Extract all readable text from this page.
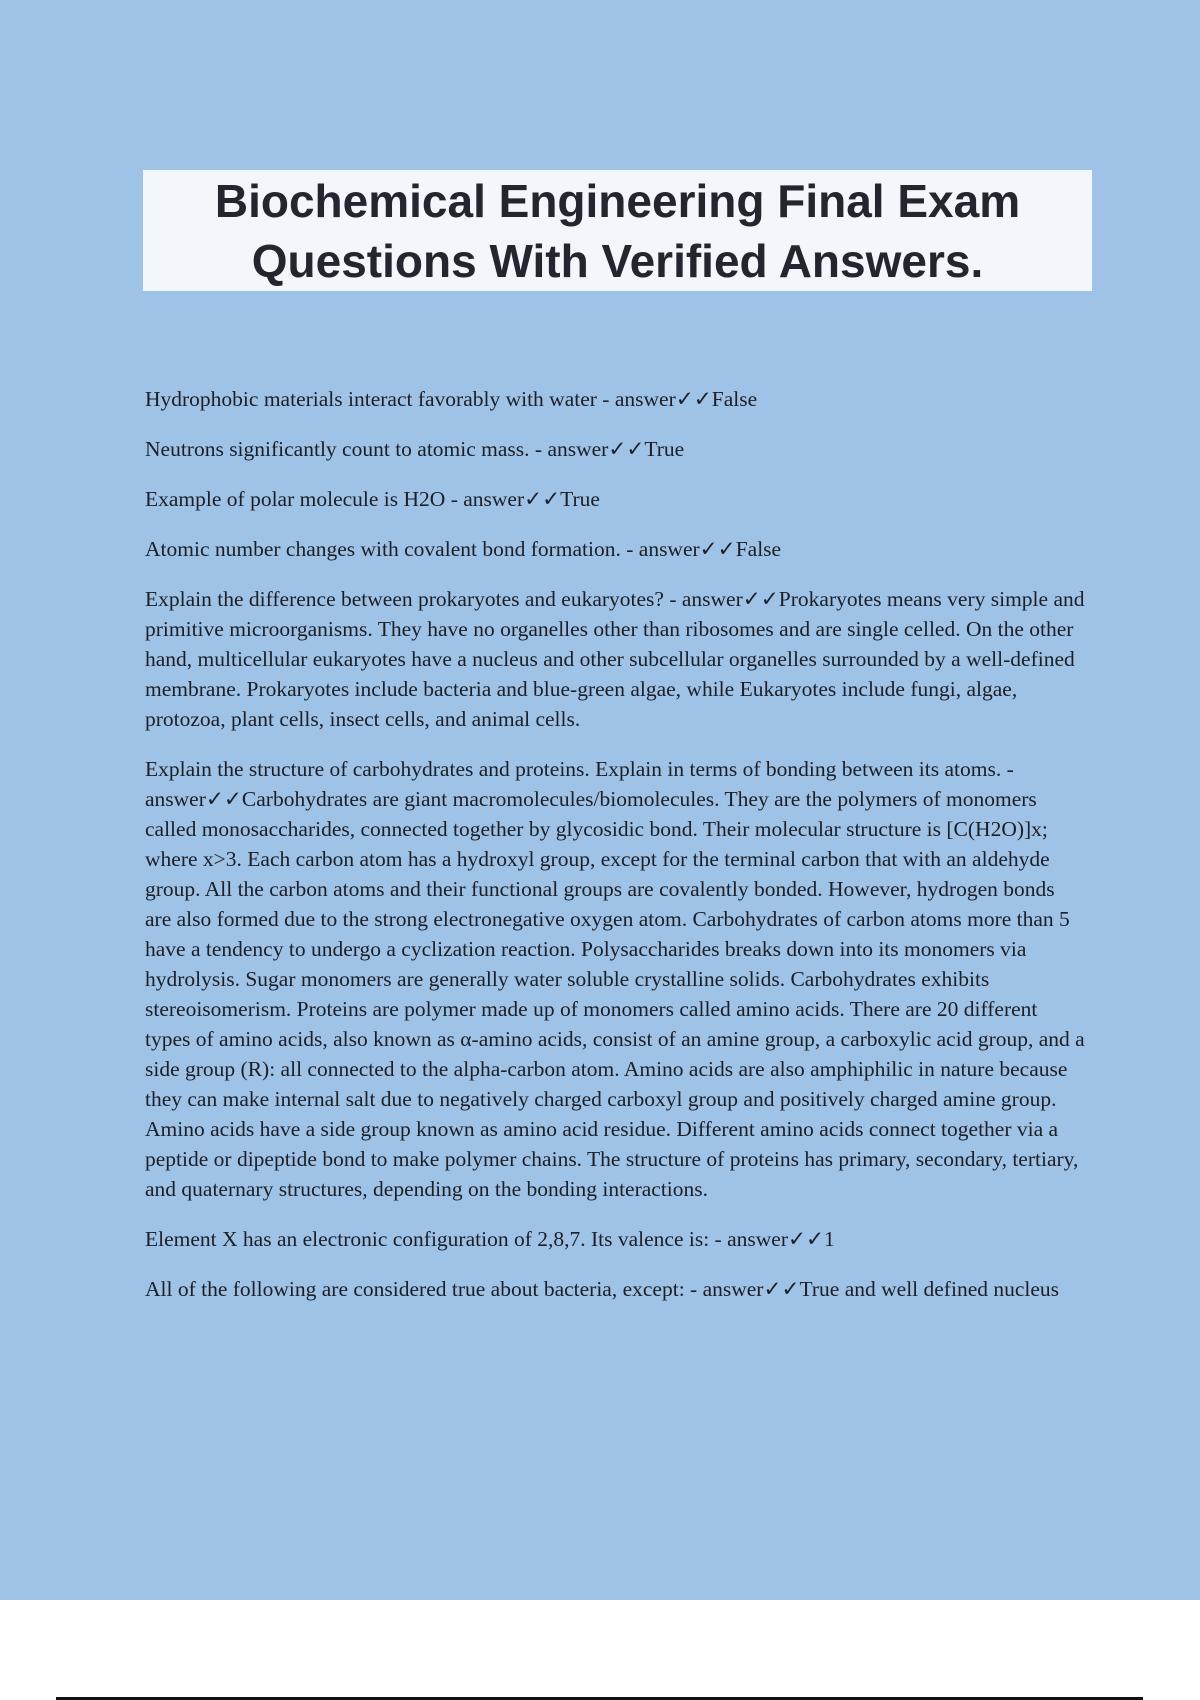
Biochemical Engineering Final Exam
Questions With Verified Answers.

Hydrophobic materials interact favorably with water - answer✓✓False

Neutrons significantly count to atomic mass. - answer✓✓True

Example of polar molecule is H2O - answer✓✓True

Atomic number changes with covalent bond formation. - answer✓✓False

Explain the difference between prokaryotes and eukaryotes? - answer✓✓Prokaryotes means very simple and primitive microorganisms. They have no organelles other than ribosomes and are single celled. On the other hand, multicellular eukaryotes have a nucleus and other subcellular organelles surrounded by a well-defined membrane. Prokaryotes include bacteria and blue-green algae, while Eukaryotes include fungi, algae, protozoa, plant cells, insect cells, and animal cells.

Explain the structure of carbohydrates and proteins. Explain in terms of bonding between its atoms. - answer✓✓Carbohydrates are giant macromolecules/biomolecules. They are the polymers of monomers called monosaccharides, connected together by glycosidic bond. Their molecular structure is [C(H2O)]x; where x>3. Each carbon atom has a hydroxyl group, except for the terminal carbon that with an aldehyde group. All the carbon atoms and their functional groups are covalently bonded. However, hydrogen bonds are also formed due to the strong electronegative oxygen atom. Carbohydrates of carbon atoms more than 5 have a tendency to undergo a cyclization reaction. Polysaccharides breaks down into its monomers via hydrolysis. Sugar monomers are generally water soluble crystalline solids. Carbohydrates exhibits stereoisomerism. Proteins are polymer made up of monomers called amino acids. There are 20 different types of amino acids, also known as α-amino acids, consist of an amine group, a carboxylic acid group, and a side group (R): all connected to the alpha-carbon atom. Amino acids are also amphiphilic in nature because they can make internal salt due to negatively charged carboxyl group and positively charged amine group. Amino acids have a side group known as amino acid residue. Different amino acids connect together via a peptide or dipeptide bond to make polymer chains. The structure of proteins has primary, secondary, tertiary, and quaternary structures, depending on the bonding interactions.

Element X has an electronic configuration of 2,8,7. Its valence is: - answer✓✓1

All of the following are considered true about bacteria, except: - answer✓✓True and well defined nucleus
